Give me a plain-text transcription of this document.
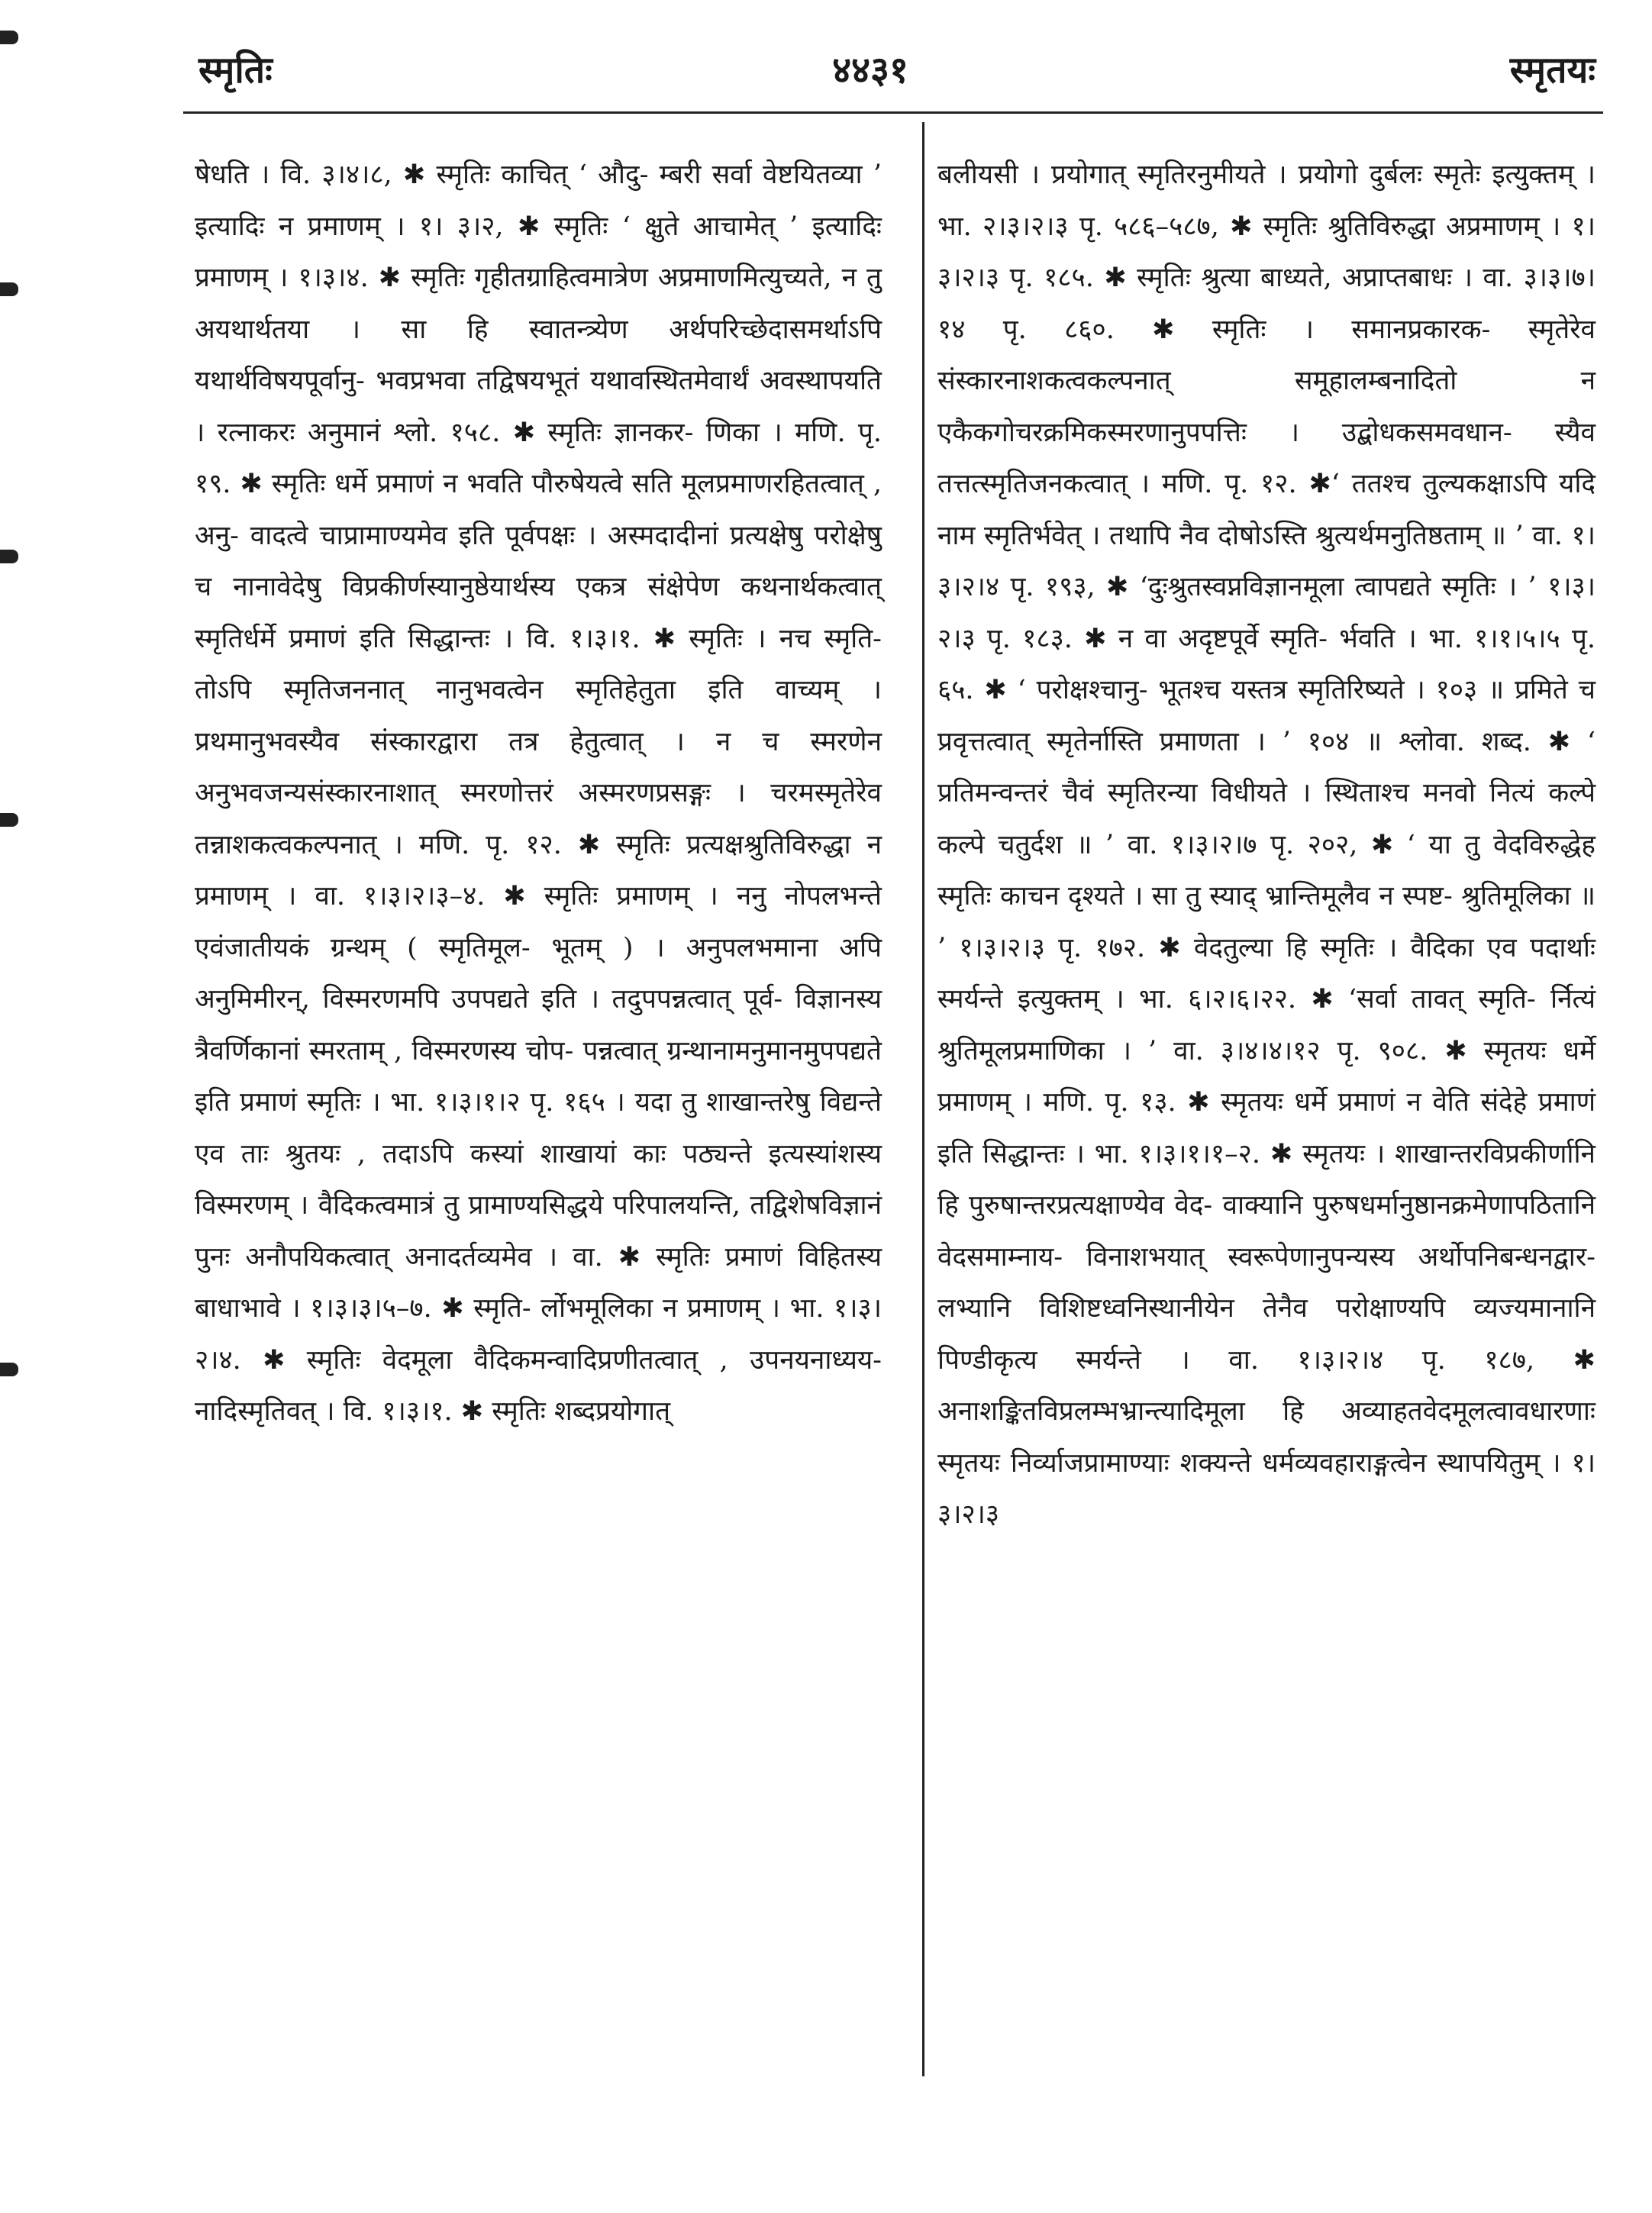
स्मृतिः	४४३१	स्मृतयः

षेधति । वि. ३।४।८, ✱ स्मृतिः काचित् ‘ औदु- म्बरी सर्वा वेष्टयितव्या ’ इत्यादिः न प्रमाणम् । १। ३।२, ✱ स्मृतिः ‘ क्षुते आचामेत् ’ इत्यादिः प्रमाणम् । १।३।४. ✱ स्मृतिः गृहीतग्राहित्वमात्रेण अप्रमाणमित्युच्यते, न तु अयथार्थतया । सा हि स्वातन्त्र्येण अर्थपरिच्छेदासमर्थाऽपि यथार्थविषयपूर्वानु- भवप्रभवा तद्विषयभूतं यथावस्थितमेवार्थं अवस्थापयति । रत्नाकरः अनुमानं श्लो. १५८. ✱ स्मृतिः ज्ञानकर- णिका । मणि. पृ. १९. ✱ स्मृतिः धर्मे प्रमाणं न भवति पौरुषेयत्वे सति मूलप्रमाणरहितत्वात् , अनु- वादत्वे चाप्रामाण्यमेव इति पूर्वपक्षः । अस्मदादीनां प्रत्यक्षेषु परोक्षेषु च नानावेदेषु विप्रकीर्णस्यानुष्ठेयार्थस्य एकत्र संक्षेपेण कथनार्थकत्वात् स्मृतिर्धर्मे प्रमाणं इति सिद्धान्तः । वि. १।३।१. ✱ स्मृतिः । नच स्मृति- तोऽपि स्मृतिजननात् नानुभवत्वेन स्मृतिहेतुता इति वाच्यम् । प्रथमानुभवस्यैव संस्कारद्वारा तत्र हेतुत्वात् । न च स्मरणेन अनुभवजन्यसंस्कारनाशात् स्मरणोत्तरं अस्मरणप्रसङ्गः । चरमस्मृतेरेव तन्नाशकत्वकल्पनात् । मणि. पृ. १२. ✱ स्मृतिः प्रत्यक्षश्रुतिविरुद्धा न प्रमाणम् । वा. १।३।२।३–४. ✱ स्मृतिः प्रमाणम् । ननु नोपलभन्ते एवंजातीयकं ग्रन्थम् ( स्मृतिमूल- भूतम् ) । अनुपलभमाना अपि अनुमिमीरन्, विस्मरणमपि उपपद्यते इति । तदुपपन्नत्वात् पूर्व- विज्ञानस्य त्रैवर्णिकानां स्मरताम् , विस्मरणस्य चोप- पन्नत्वात् ग्रन्थानामनुमानमुपपद्यते इति प्रमाणं स्मृतिः । भा. १।३।१।२ पृ. १६५ । यदा तु शाखान्तरेषु विद्यन्ते एव ताः श्रुतयः , तदाऽपि कस्यां शाखायां काः पठ्यन्ते इत्यस्यांशस्य विस्मरणम् । वैदिकत्वमात्रं तु प्रामाण्यसिद्धये परिपालयन्ति, तद्विशेषविज्ञानं पुनः अनौपयिकत्वात् अनादर्तव्यमेव । वा. ✱ स्मृतिः प्रमाणं विहितस्य बाधाभावे । १।३।३।५–७. ✱ स्मृति- र्लोभमूलिका न प्रमाणम् । भा. १।३।२।४. ✱ स्मृतिः वेदमूला वैदिकमन्वादिप्रणीतत्वात् , उपनयनाध्यय- नादिस्मृतिवत् । वि. १।३।१. ✱ स्मृतिः शब्दप्रयोगात्

बलीयसी । प्रयोगात् स्मृतिरनुमीयते । प्रयोगो दुर्बलः स्मृतेः इत्युक्तम् । भा. २।३।२।३ पृ. ५८६–५८७, ✱ स्मृतिः श्रुतिविरुद्धा अप्रमाणम् । १।३।२।३ पृ. १८५. ✱ स्मृतिः श्रुत्या बाध्यते, अप्राप्तबाधः । वा. ३।३।७।१४ पृ. ८६०. ✱ स्मृतिः । समानप्रकारक- स्मृतेरेव संस्कारनाशकत्वकल्पनात् समूहालम्बनादितो न एकैकगोचरक्रमिकस्मरणानुपपत्तिः । उद्बोधकसमवधान- स्यैव तत्तत्स्मृतिजनकत्वात् । मणि. पृ. १२. ✱‘ ततश्च तुल्यकक्षाऽपि यदि नाम स्मृतिर्भवेत् । तथापि नैव दोषोऽस्ति श्रुत्यर्थमनुतिष्ठताम् ॥ ’ वा. १।३।२।४ पृ. १९३, ✱ ‘दुःश्रुतस्वप्नविज्ञानमूला त्वापद्यते स्मृतिः । ’ १।३।२।३ पृ. १८३. ✱ न वा अदृष्टपूर्वे स्मृति- र्भवति । भा. १।१।५।५ पृ. ६५. ✱ ‘ परोक्षश्चानु- भूतश्च यस्तत्र स्मृतिरिष्यते । १०३ ॥ प्रमिते च प्रवृत्तत्वात् स्मृतेर्नास्ति प्रमाणता । ’ १०४ ॥ श्लोवा. शब्द. ✱ ‘ प्रतिमन्वन्तरं चैवं स्मृतिरन्या विधीयते । स्थिताश्च मनवो नित्यं कल्पे कल्पे चतुर्दश ॥ ’ वा. १।३।२।७ पृ. २०२, ✱ ‘ या तु वेदविरुद्धेह स्मृतिः काचन दृश्यते । सा तु स्याद् भ्रान्तिमूलैव न स्पष्ट- श्रुतिमूलिका ॥ ’ १।३।२।३ पृ. १७२. ✱ वेदतुल्या हि स्मृतिः । वैदिका एव पदार्थाः स्मर्यन्ते इत्युक्तम् । भा. ६।२।६।२२. ✱ ‘सर्वा तावत् स्मृति- र्नित्यं श्रुतिमूलप्रमाणिका । ’ वा. ३।४।४।१२ पृ. ९०८. ✱ स्मृतयः धर्मे प्रमाणम् । मणि. पृ. १३. ✱ स्मृतयः धर्मे प्रमाणं न वेति संदेहे प्रमाणं इति सिद्धान्तः । भा. १।३।१।१–२. ✱ स्मृतयः । शाखान्तरविप्रकीर्णानि हि पुरुषान्तरप्रत्यक्षाण्येव वेद- वाक्यानि पुरुषधर्मानुष्ठानक्रमेणापठितानि वेदसमाम्नाय- विनाशभयात् स्वरूपेणानुपन्यस्य अर्थोपनिबन्धनद्वार- लभ्यानि विशिष्टध्वनिस्थानीयेन तेनैव परोक्षाण्यपि व्यज्यमानानि पिण्डीकृत्य स्मर्यन्ते । वा. १।३।२।४ पृ. १८७, ✱ अनाशङ्कितविप्रलम्भभ्रान्त्यादिमूला हि अव्याहतवेदमूलत्वावधारणाः स्मृतयः निर्व्याजप्रामाण्याः शक्यन्ते धर्मव्यवहाराङ्गत्वेन स्थापयितुम् । १।३।२।३
